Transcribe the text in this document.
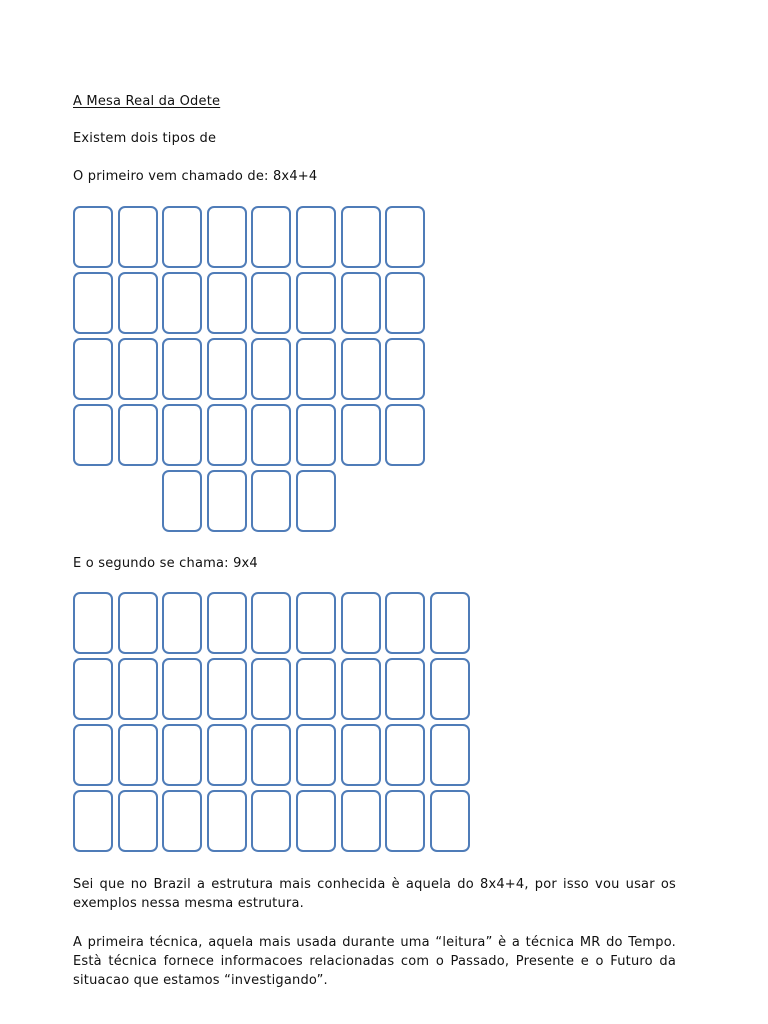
A Mesa Real da Odete
Existem dois tipos de
O primeiro vem chamado de: 8x4+4
E o segundo se chama: 9x4
Sei que no Brazil a estrutura mais conhecida è aquela do 8x4+4, por isso vou usar os exemplos nessa mesma estrutura.
A primeira técnica, aquela mais usada durante uma “leitura” è a técnica MR do Tempo. Està técnica fornece informacoes relacionadas com o Passado, Presente e o Futuro da situacao que estamos “investigando”.
